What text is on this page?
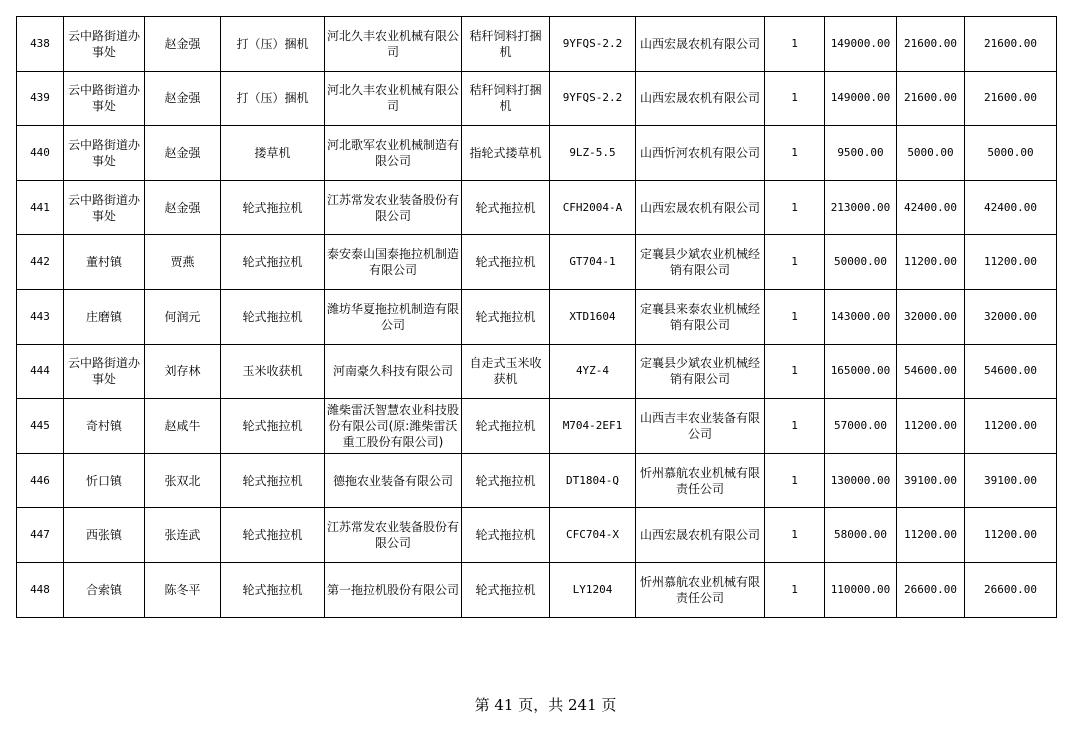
438	云中路街道办事处	赵金强	打（压）捆机	河北久丰农业机械有限公司	秸秆饲料打捆机	9YFQS-2.2	山西宏晟农机有限公司	1	149000.00	21600.00	21600.00
439	云中路街道办事处	赵金强	打（压）捆机	河北久丰农业机械有限公司	秸秆饲料打捆机	9YFQS-2.2	山西宏晟农机有限公司	1	149000.00	21600.00	21600.00
440	云中路街道办事处	赵金强	搂草机	河北歌军农业机械制造有限公司	指轮式搂草机	9LZ-5.5	山西忻河农机有限公司	1	9500.00	5000.00	5000.00
441	云中路街道办事处	赵金强	轮式拖拉机	江苏常发农业装备股份有限公司	轮式拖拉机	CFH2004-A	山西宏晟农机有限公司	1	213000.00	42400.00	42400.00
442	董村镇	贾燕	轮式拖拉机	泰安泰山国泰拖拉机制造有限公司	轮式拖拉机	GT704-1	定襄县少斌农业机械经销有限公司	1	50000.00	11200.00	11200.00
443	庄磨镇	何润元	轮式拖拉机	潍坊华夏拖拉机制造有限公司	轮式拖拉机	XTD1604	定襄县来泰农业机械经销有限公司	1	143000.00	32000.00	32000.00
444	云中路街道办事处	刘存林	玉米收获机	河南豪久科技有限公司	自走式玉米收获机	4YZ-4	定襄县少斌农业机械经销有限公司	1	165000.00	54600.00	54600.00
445	奇村镇	赵咸牛	轮式拖拉机	潍柴雷沃智慧农业科技股份有限公司(原:潍柴雷沃重工股份有限公司)	轮式拖拉机	M704-2EF1	山西吉丰农业装备有限公司	1	57000.00	11200.00	11200.00
446	忻口镇	张双北	轮式拖拉机	德拖农业装备有限公司	轮式拖拉机	DT1804-Q	忻州慕航农业机械有限责任公司	1	130000.00	39100.00	39100.00
447	西张镇	张连武	轮式拖拉机	江苏常发农业装备股份有限公司	轮式拖拉机	CFC704-X	山西宏晟农机有限公司	1	58000.00	11200.00	11200.00
448	合索镇	陈冬平	轮式拖拉机	第一拖拉机股份有限公司	轮式拖拉机	LY1204	忻州慕航农业机械有限责任公司	1	110000.00	26600.00	26600.00
第 41 页，共 241 页
